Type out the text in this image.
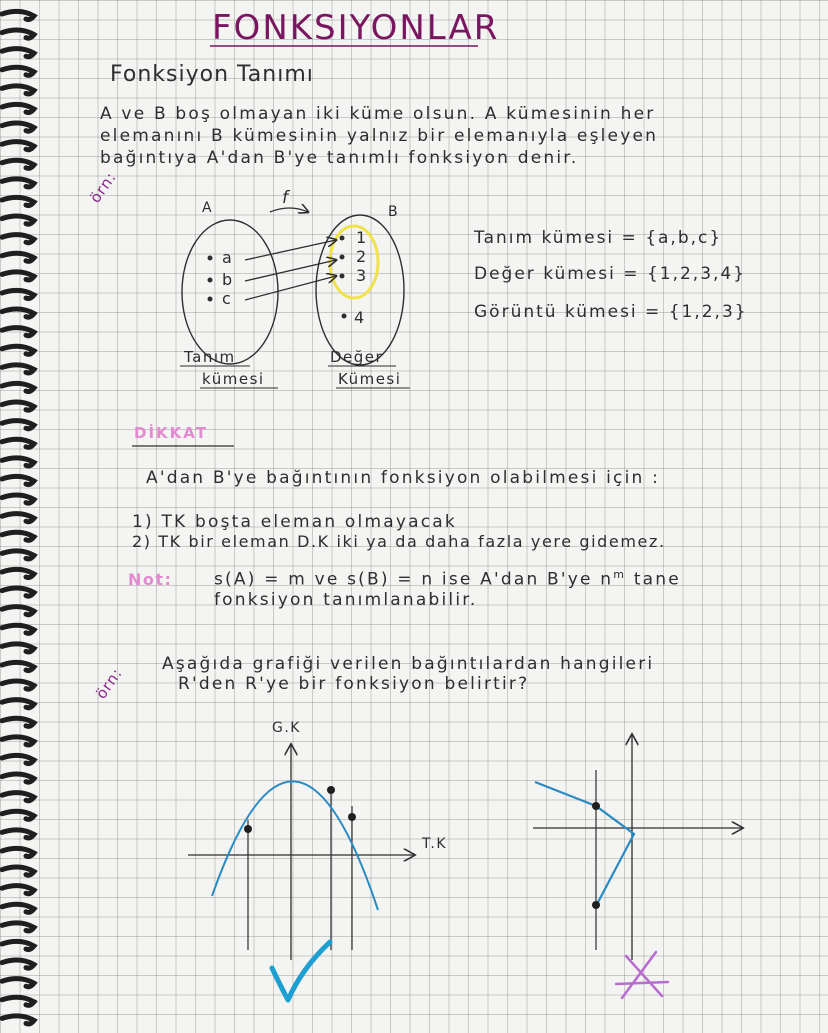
FONKSIYONLAR
Fonksiyon Tanımı
A ve B boş olmayan iki küme olsun. A kümesinin her
elemanını B kümesinin yalnız bir elemanıyla eşleyen
bağıntıya A'dan B'ye tanımlı fonksiyon denir.
örn:
A	B
f
a
b
c
1
2
3
4
Tanım
kümesi
Değer
Kümesi
Tanım kümesi = {a,b,c}
Değer kümesi = {1,2,3,4}
Görüntü kümesi = {1,2,3}
DİKKAT
A'dan B'ye bağıntının fonksiyon olabilmesi için :
1) TK boşta eleman olmayacak
2) TK bir eleman D.K iki ya da daha fazla yere gidemez.
Not: s(A) = m ve s(B) = n ise A'dan B'ye $n^m$ tane
fonksiyon tanımlanabilir.
örn:
Aşağıda grafiği verilen bağıntılardan hangileri
R'den R'ye bir fonksiyon belirtir?
G.K
T.K
